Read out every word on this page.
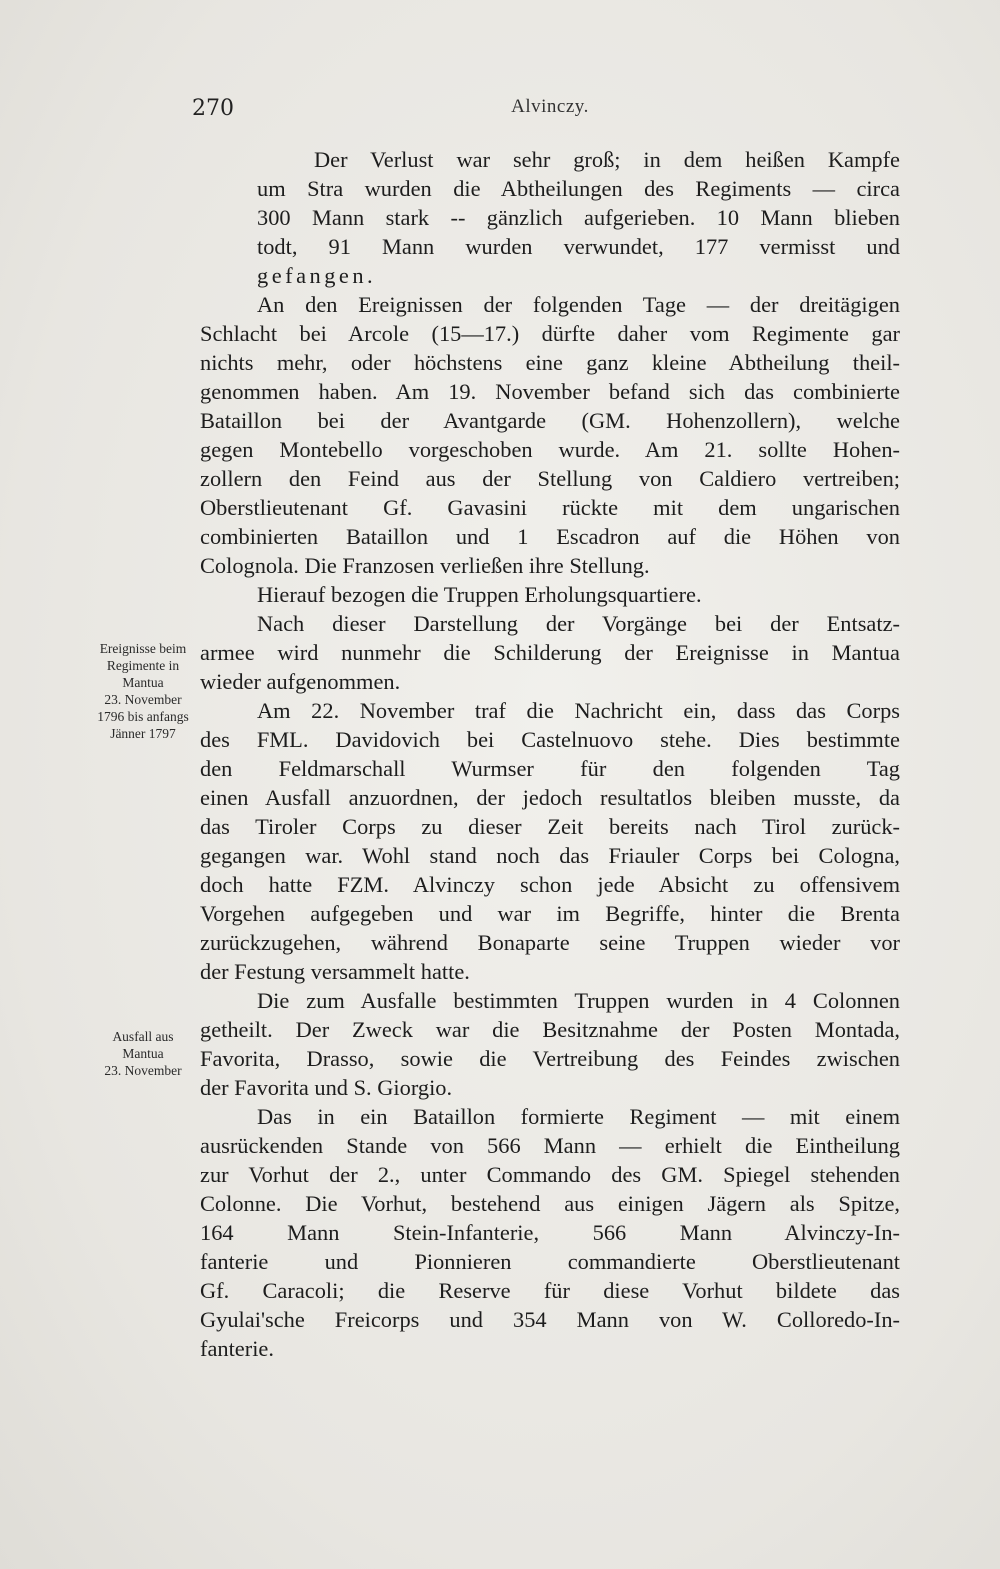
270	Alvinczy.
Ereignisse beim
Regimente in
Mantua
23. November
1796 bis anfangs
Jänner 1797
Ausfall aus
Mantua
23. November

Der Verlust war sehr groß; in dem heißen Kampfe
um Stra wurden die Abtheilungen des Regiments — circa
300 Mann stark -- gänzlich aufgerieben. 10 Mann blieben
todt, 91 Mann wurden verwundet, 177 vermisst und
gefangen.

An den Ereignissen der folgenden Tage — der dreitägigen
Schlacht bei Arcole (15—17.) dürfte daher vom Regimente gar
nichts mehr, oder höchstens eine ganz kleine Abtheilung theil-
genommen haben. Am 19. November befand sich das combinierte
Bataillon bei der Avantgarde (GM. Hohenzollern), welche
gegen Montebello vorgeschoben wurde. Am 21. sollte Hohen-
zollern den Feind aus der Stellung von Caldiero vertreiben;
Oberstlieutenant Gf. Gavasini rückte mit dem ungarischen
combinierten Bataillon und 1 Escadron auf die Höhen von
Colognola. Die Franzosen verließen ihre Stellung.

Hierauf bezogen die Truppen Erholungsquartiere.

Nach dieser Darstellung der Vorgänge bei der Entsatz-
armee wird nunmehr die Schilderung der Ereignisse in Mantua
wieder aufgenommen.

Am 22. November traf die Nachricht ein, dass das Corps
des FML. Davidovich bei Castelnuovo stehe. Dies bestimmte
den Feldmarschall Wurmser für den folgenden Tag
einen Ausfall anzuordnen, der jedoch resultatlos bleiben musste, da
das Tiroler Corps zu dieser Zeit bereits nach Tirol zurück-
gegangen war. Wohl stand noch das Friauler Corps bei Cologna,
doch hatte FZM. Alvinczy schon jede Absicht zu offensivem
Vorgehen aufgegeben und war im Begriffe, hinter die Brenta
zurückzugehen, während Bonaparte seine Truppen wieder vor
der Festung versammelt hatte.

Die zum Ausfalle bestimmten Truppen wurden in 4 Colonnen
getheilt. Der Zweck war die Besitznahme der Posten Montada,
Favorita, Drasso, sowie die Vertreibung des Feindes zwischen
der Favorita und S. Giorgio.

Das in ein Bataillon formierte Regiment — mit einem
ausrückenden Stande von 566 Mann — erhielt die Eintheilung
zur Vorhut der 2., unter Commando des GM. Spiegel stehenden
Colonne. Die Vorhut, bestehend aus einigen Jägern als Spitze,
164 Mann Stein-Infanterie, 566 Mann Alvinczy-In-
fanterie und Pionnieren commandierte Oberstlieutenant
Gf. Caracoli; die Reserve für diese Vorhut bildete das
Gyulai'sche Freicorps und 354 Mann von W. Colloredo-In-
fanterie.
